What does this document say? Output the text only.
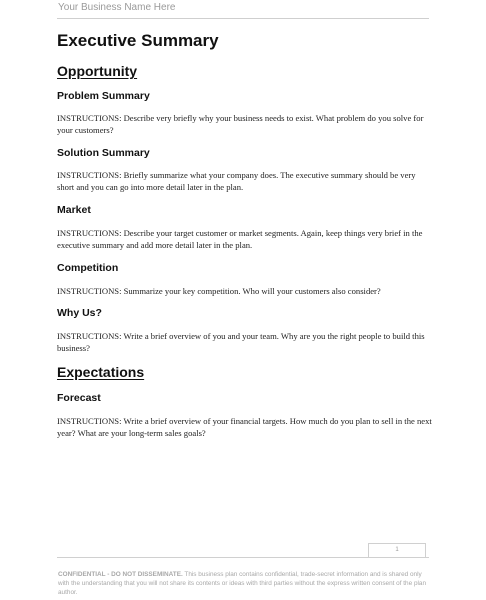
Your Business Name Here
Executive Summary
Opportunity
Problem Summary
INSTRUCTIONS: Describe very briefly why your business needs to exist. What problem do you solve for your customers?
Solution Summary
INSTRUCTIONS: Briefly summarize what your company does. The executive summary should be very short and you can go into more detail later in the plan.
Market
INSTRUCTIONS: Describe your target customer or market segments. Again, keep things very brief in the executive summary and add more detail later in the plan.
Competition
INSTRUCTIONS: Summarize your key competition. Who will your customers also consider?
Why Us?
INSTRUCTIONS: Write a brief overview of you and your team. Why are you the right people to build this business?
Expectations
Forecast
INSTRUCTIONS: Write a brief overview of your financial targets. How much do you plan to sell in the next year? What are your long-term sales goals?
1
CONFIDENTIAL - DO NOT DISSEMINATE. This business plan contains confidential, trade-secret information and is shared only with the understanding that you will not share its contents or ideas with third parties without the express written consent of the plan author.
